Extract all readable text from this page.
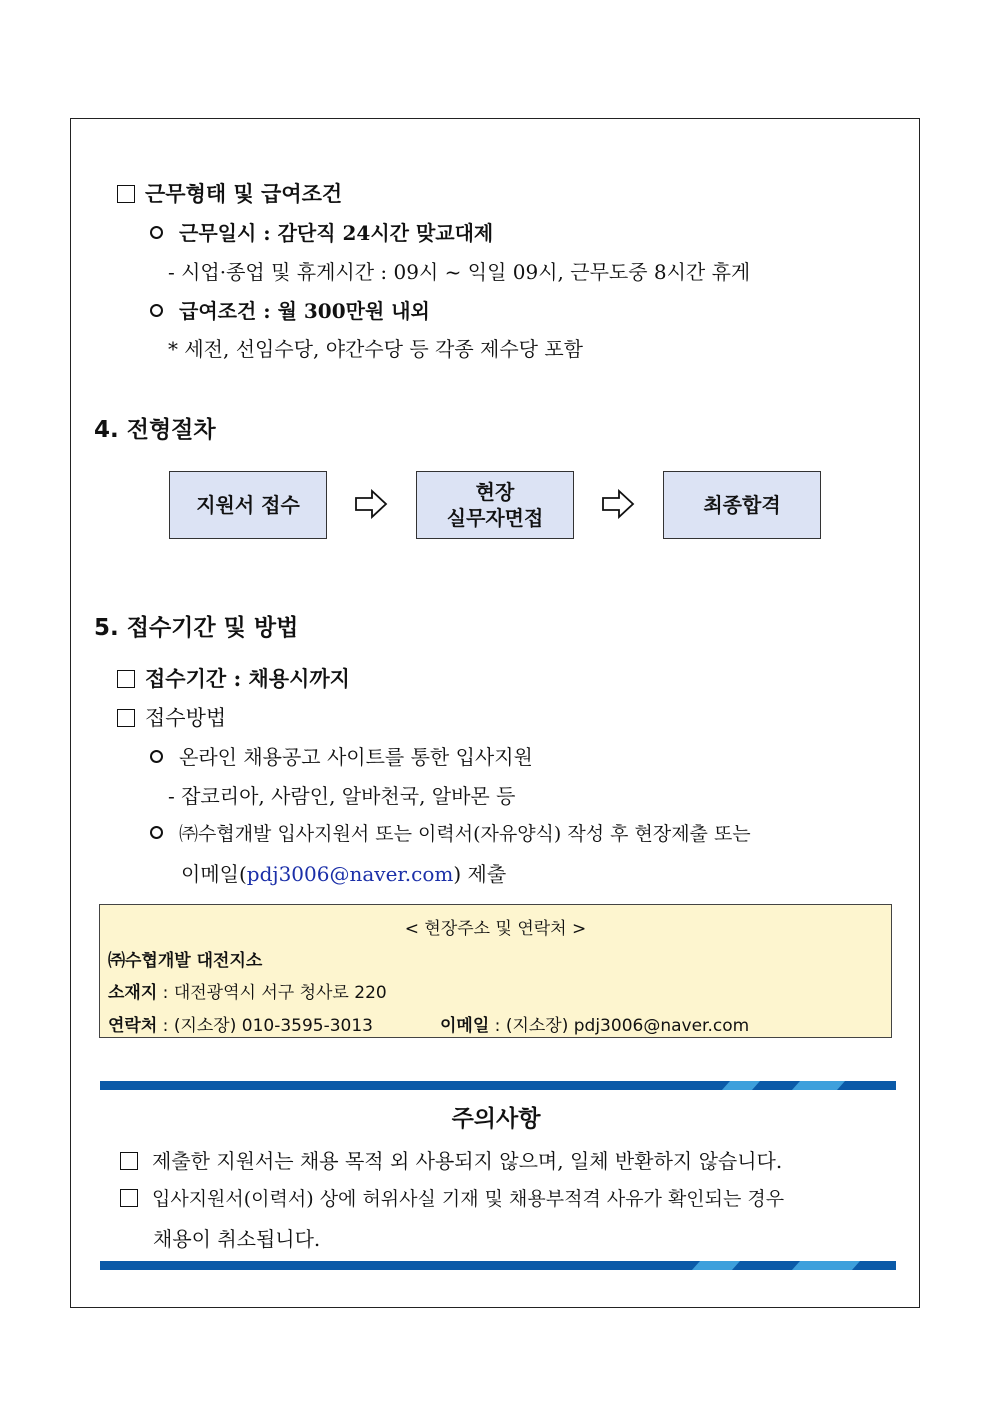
근무형태 및 급여조건
근무일시 : 감단직 24시간 맞교대제
- 시업·종업 및 휴게시간 : 09시 ~ 익일 09시, 근무도중 8시간 휴게
급여조건 : 월 300만원 내외
* 세전, 선임수당, 야간수당 등 각종 제수당 포함
4. 전형절차
지원서 접수
현장
실무자면접
최종합격
5. 접수기간 및 방법
접수기간 : 채용시까지
접수방법
온라인 채용공고 사이트를 통한 입사지원
- 잡코리아, 사람인, 알바천국, 알바몬 등
㈜수협개발 입사지원서 또는 이력서(자유양식) 작성 후 현장제출 또는
이메일(pdj3006@naver.com) 제출
< 현장주소 및 연락처 >
㈜수협개발 대전지소
소재지 : 대전광역시 서구 청사로 220
연락처 : (지소장) 010-3595-3013	이메일 : (지소장) pdj3006@naver.com
주의사항
제출한 지원서는 채용 목적 외 사용되지 않으며, 일체 반환하지 않습니다.
입사지원서(이력서) 상에 허위사실 기재 및 채용부적격 사유가 확인되는 경우
채용이 취소됩니다.
